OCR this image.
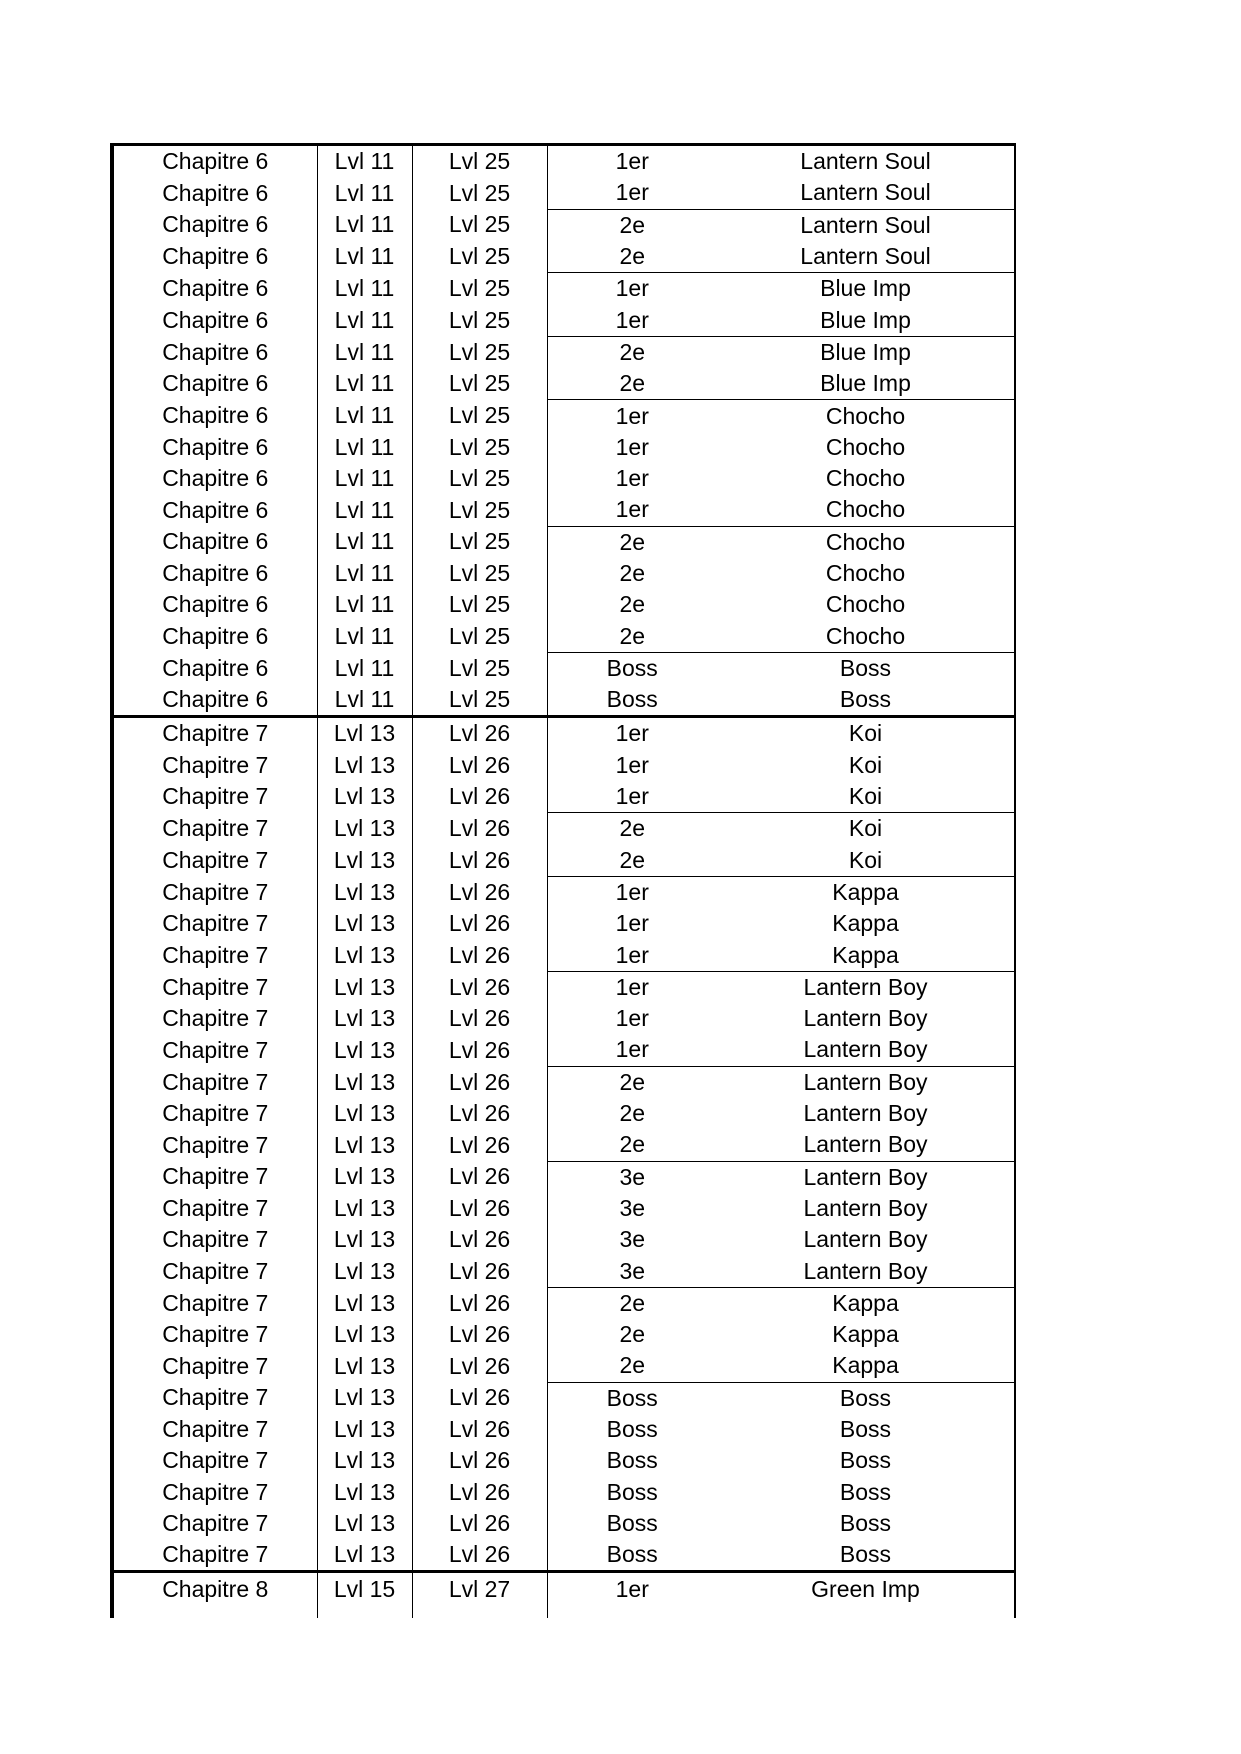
Chapitre 6	Lvl 11	Lvl 25	1er	Lantern Soul
Chapitre 6	Lvl 11	Lvl 25	1er	Lantern Soul
Chapitre 6	Lvl 11	Lvl 25	2e	Lantern Soul
Chapitre 6	Lvl 11	Lvl 25	2e	Lantern Soul
Chapitre 6	Lvl 11	Lvl 25	1er	Blue Imp
Chapitre 6	Lvl 11	Lvl 25	1er	Blue Imp
Chapitre 6	Lvl 11	Lvl 25	2e	Blue Imp
Chapitre 6	Lvl 11	Lvl 25	2e	Blue Imp
Chapitre 6	Lvl 11	Lvl 25	1er	Chocho
Chapitre 6	Lvl 11	Lvl 25	1er	Chocho
Chapitre 6	Lvl 11	Lvl 25	1er	Chocho
Chapitre 6	Lvl 11	Lvl 25	1er	Chocho
Chapitre 6	Lvl 11	Lvl 25	2e	Chocho
Chapitre 6	Lvl 11	Lvl 25	2e	Chocho
Chapitre 6	Lvl 11	Lvl 25	2e	Chocho
Chapitre 6	Lvl 11	Lvl 25	2e	Chocho
Chapitre 6	Lvl 11	Lvl 25	Boss	Boss
Chapitre 6	Lvl 11	Lvl 25	Boss	Boss
Chapitre 7	Lvl 13	Lvl 26	1er	Koi
Chapitre 7	Lvl 13	Lvl 26	1er	Koi
Chapitre 7	Lvl 13	Lvl 26	1er	Koi
Chapitre 7	Lvl 13	Lvl 26	2e	Koi
Chapitre 7	Lvl 13	Lvl 26	2e	Koi
Chapitre 7	Lvl 13	Lvl 26	1er	Kappa
Chapitre 7	Lvl 13	Lvl 26	1er	Kappa
Chapitre 7	Lvl 13	Lvl 26	1er	Kappa
Chapitre 7	Lvl 13	Lvl 26	1er	Lantern Boy
Chapitre 7	Lvl 13	Lvl 26	1er	Lantern Boy
Chapitre 7	Lvl 13	Lvl 26	1er	Lantern Boy
Chapitre 7	Lvl 13	Lvl 26	2e	Lantern Boy
Chapitre 7	Lvl 13	Lvl 26	2e	Lantern Boy
Chapitre 7	Lvl 13	Lvl 26	2e	Lantern Boy
Chapitre 7	Lvl 13	Lvl 26	3e	Lantern Boy
Chapitre 7	Lvl 13	Lvl 26	3e	Lantern Boy
Chapitre 7	Lvl 13	Lvl 26	3e	Lantern Boy
Chapitre 7	Lvl 13	Lvl 26	3e	Lantern Boy
Chapitre 7	Lvl 13	Lvl 26	2e	Kappa
Chapitre 7	Lvl 13	Lvl 26	2e	Kappa
Chapitre 7	Lvl 13	Lvl 26	2e	Kappa
Chapitre 7	Lvl 13	Lvl 26	Boss	Boss
Chapitre 7	Lvl 13	Lvl 26	Boss	Boss
Chapitre 7	Lvl 13	Lvl 26	Boss	Boss
Chapitre 7	Lvl 13	Lvl 26	Boss	Boss
Chapitre 7	Lvl 13	Lvl 26	Boss	Boss
Chapitre 7	Lvl 13	Lvl 26	Boss	Boss
Chapitre 8	Lvl 15	Lvl 27	1er	Green Imp
